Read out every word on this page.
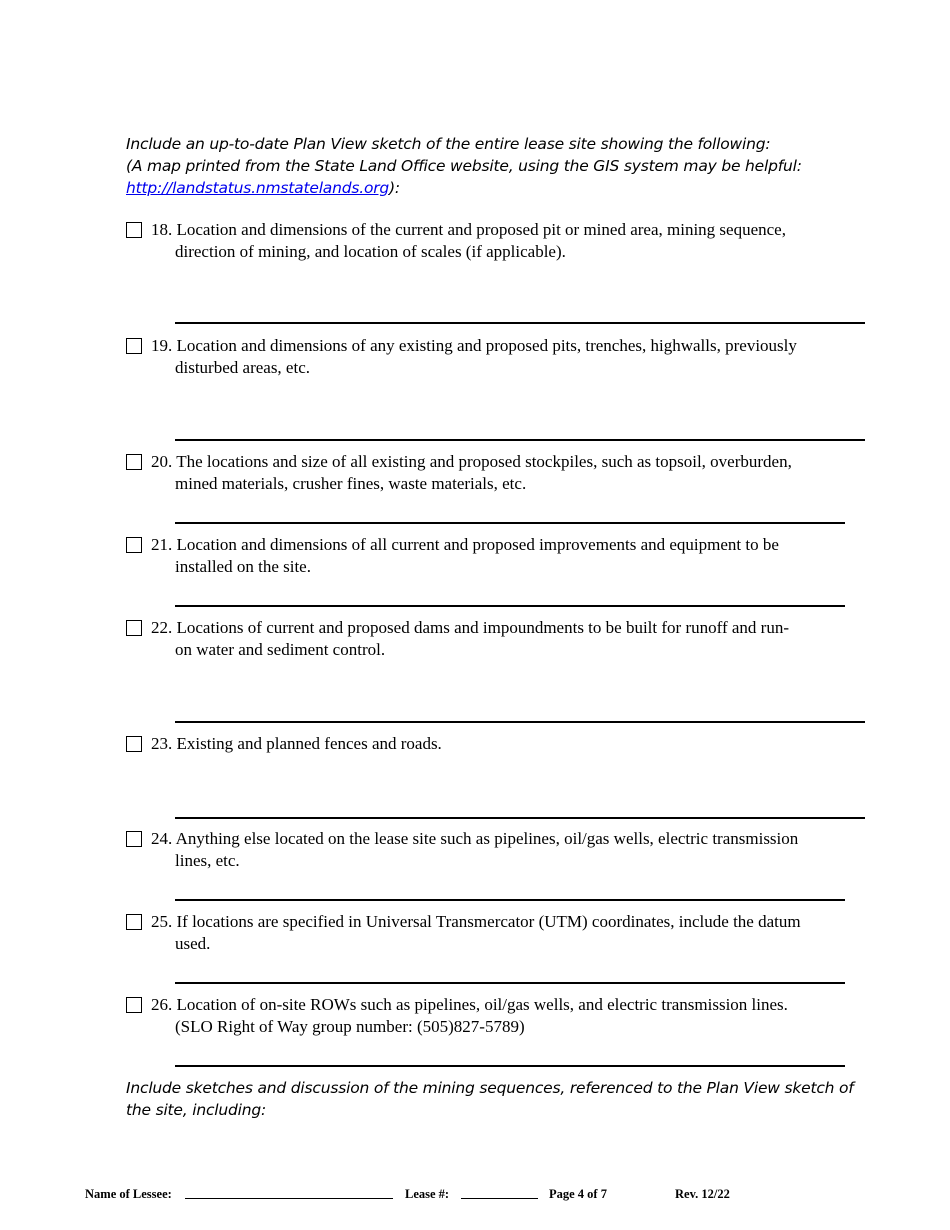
Include an up-to-date Plan View sketch of the entire lease site showing the following:
(A map printed from the State Land Office website, using the GIS system may be helpful:
http://landstatus.nmstatelands.org):
18. Location and dimensions of the current and proposed pit or mined area, mining sequence,
direction of mining, and location of scales (if applicable).
19. Location and dimensions of any existing and proposed pits, trenches, highwalls, previously
disturbed areas, etc.
20. The locations and size of all existing and proposed stockpiles, such as topsoil, overburden,
mined materials, crusher fines, waste materials, etc.
21. Location and dimensions of all current and proposed improvements and equipment to be
installed on the site.
22. Locations of current and proposed dams and impoundments to be built for runoff and run-
on water and sediment control.
23. Existing and planned fences and roads.
24. Anything else located on the lease site such as pipelines, oil/gas wells, electric transmission
lines, etc.
25. If locations are specified in Universal Transmercator (UTM) coordinates, include the datum
used.
26. Location of on-site ROWs such as pipelines, oil/gas wells, and electric transmission lines.
(SLO Right of Way group number: (505)827-5789)
Include sketches and discussion of the mining sequences, referenced to the Plan View sketch of
the site, including:
Name of Lessee:	Lease #:	Page 4 of 7	Rev. 12/22
